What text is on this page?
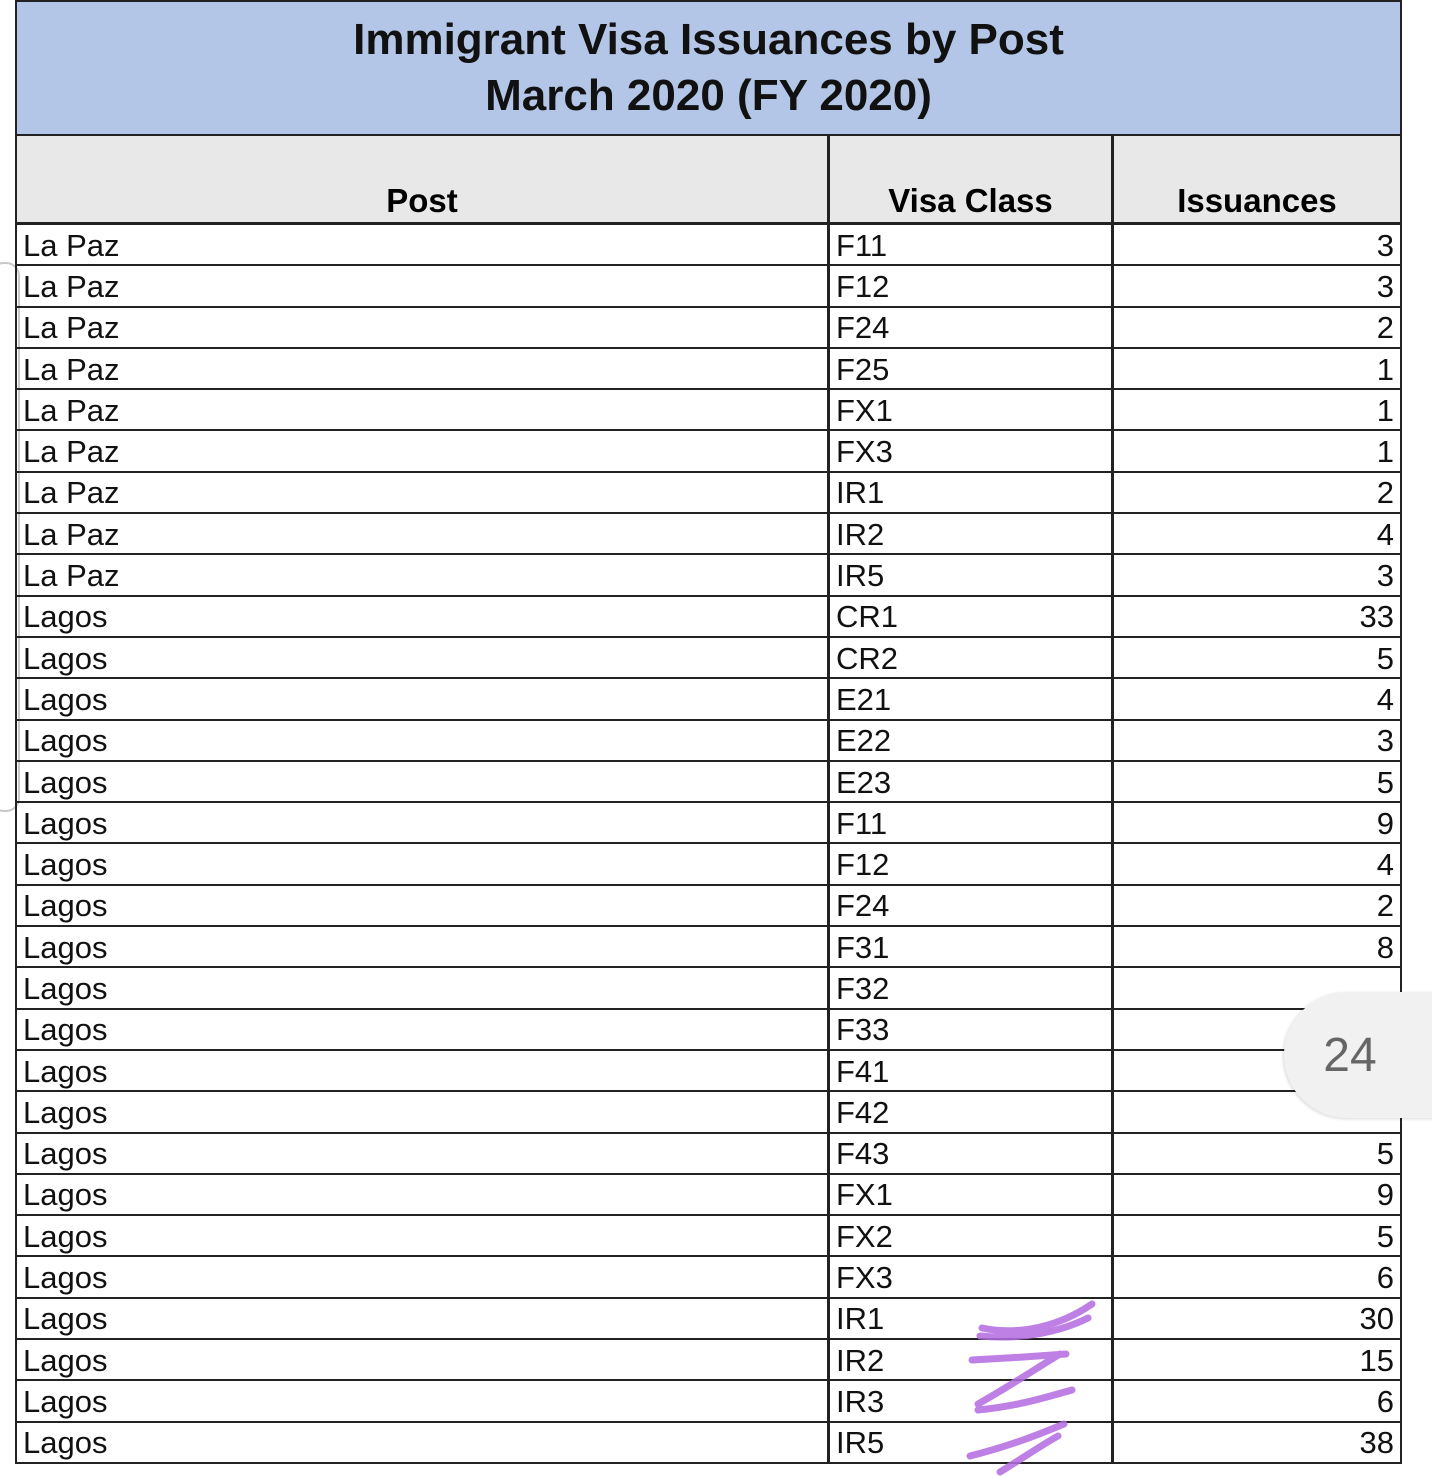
Immigrant Visa Issuances by Post
March 2020 (FY 2020)
Post	Visa Class	Issuances
La Paz	F11	3
La Paz	F12	3
La Paz	F24	2
La Paz	F25	1
La Paz	FX1	1
La Paz	FX3	1
La Paz	IR1	2
La Paz	IR2	4
La Paz	IR5	3
Lagos	CR1	33
Lagos	CR2	5
Lagos	E21	4
Lagos	E22	3
Lagos	E23	5
Lagos	F11	9
Lagos	F12	4
Lagos	F24	2
Lagos	F31	8
Lagos	F32
Lagos	F33
Lagos	F41
Lagos	F42
Lagos	F43	5
Lagos	FX1	9
Lagos	FX2	5
Lagos	FX3	6
Lagos	IR1	30
Lagos	IR2	15
Lagos	IR3	6
Lagos	IR5	38
24
